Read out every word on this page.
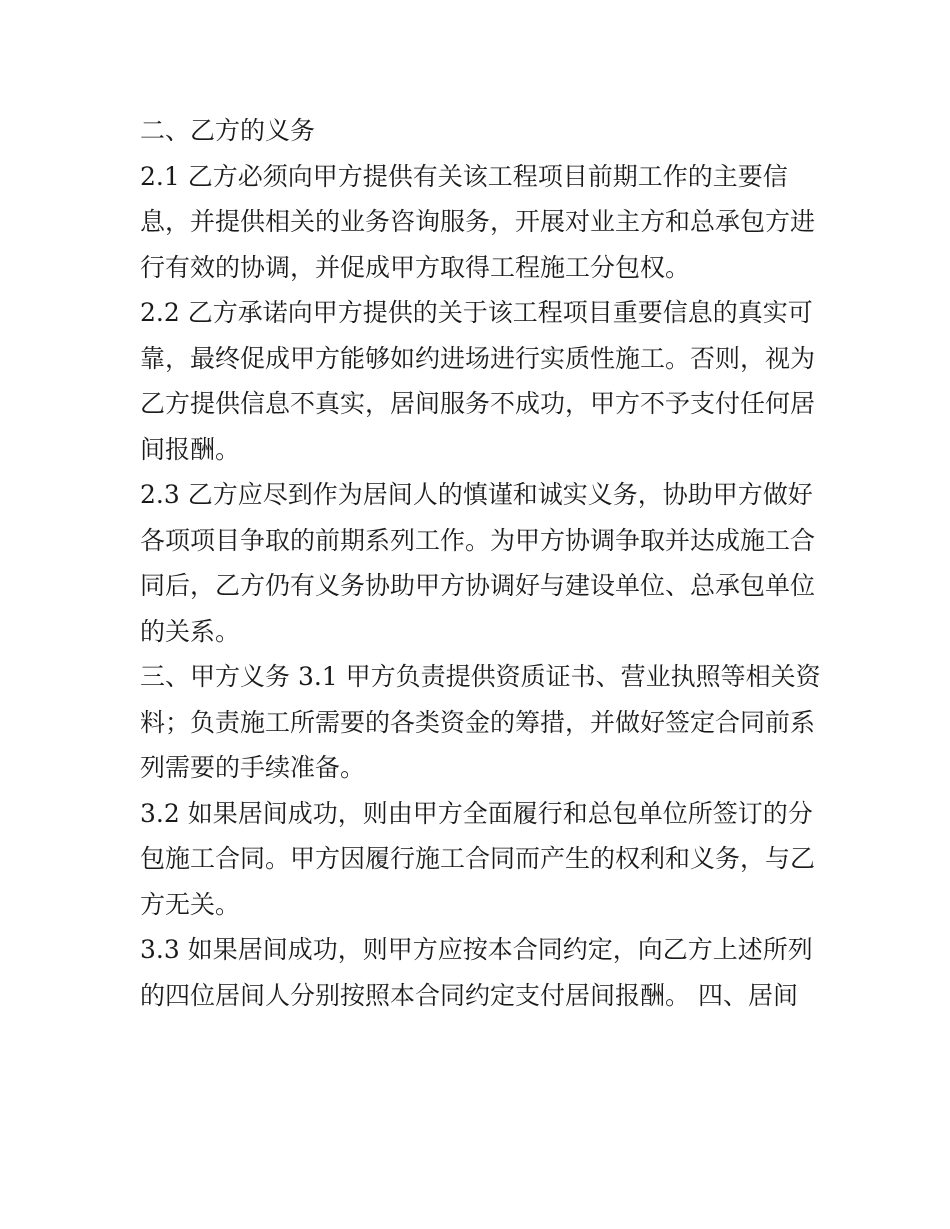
二、乙方的义务
2.1 乙方必须向甲方提供有关该工程项目前期工作的主要信
息，并提供相关的业务咨询服务，开展对业主方和总承包方进
行有效的协调，并促成甲方取得工程施工分包权。
2.2 乙方承诺向甲方提供的关于该工程项目重要信息的真实可
靠，最终促成甲方能够如约进场进行实质性施工。否则，视为
乙方提供信息不真实，居间服务不成功，甲方不予支付任何居
间报酬。
2.3 乙方应尽到作为居间人的慎谨和诚实义务，协助甲方做好
各项项目争取的前期系列工作。为甲方协调争取并达成施工合
同后，乙方仍有义务协助甲方协调好与建设单位、总承包单位
的关系。
三、甲方义务 3.1 甲方负责提供资质证书、营业执照等相关资
料；负责施工所需要的各类资金的筹措，并做好签定合同前系
列需要的手续准备。
3.2 如果居间成功，则由甲方全面履行和总包单位所签订的分
包施工合同。甲方因履行施工合同而产生的权利和义务，与乙
方无关。
3.3 如果居间成功，则甲方应按本合同约定，向乙方上述所列
的四位居间人分别按照本合同约定支付居间报酬。 四、居间
